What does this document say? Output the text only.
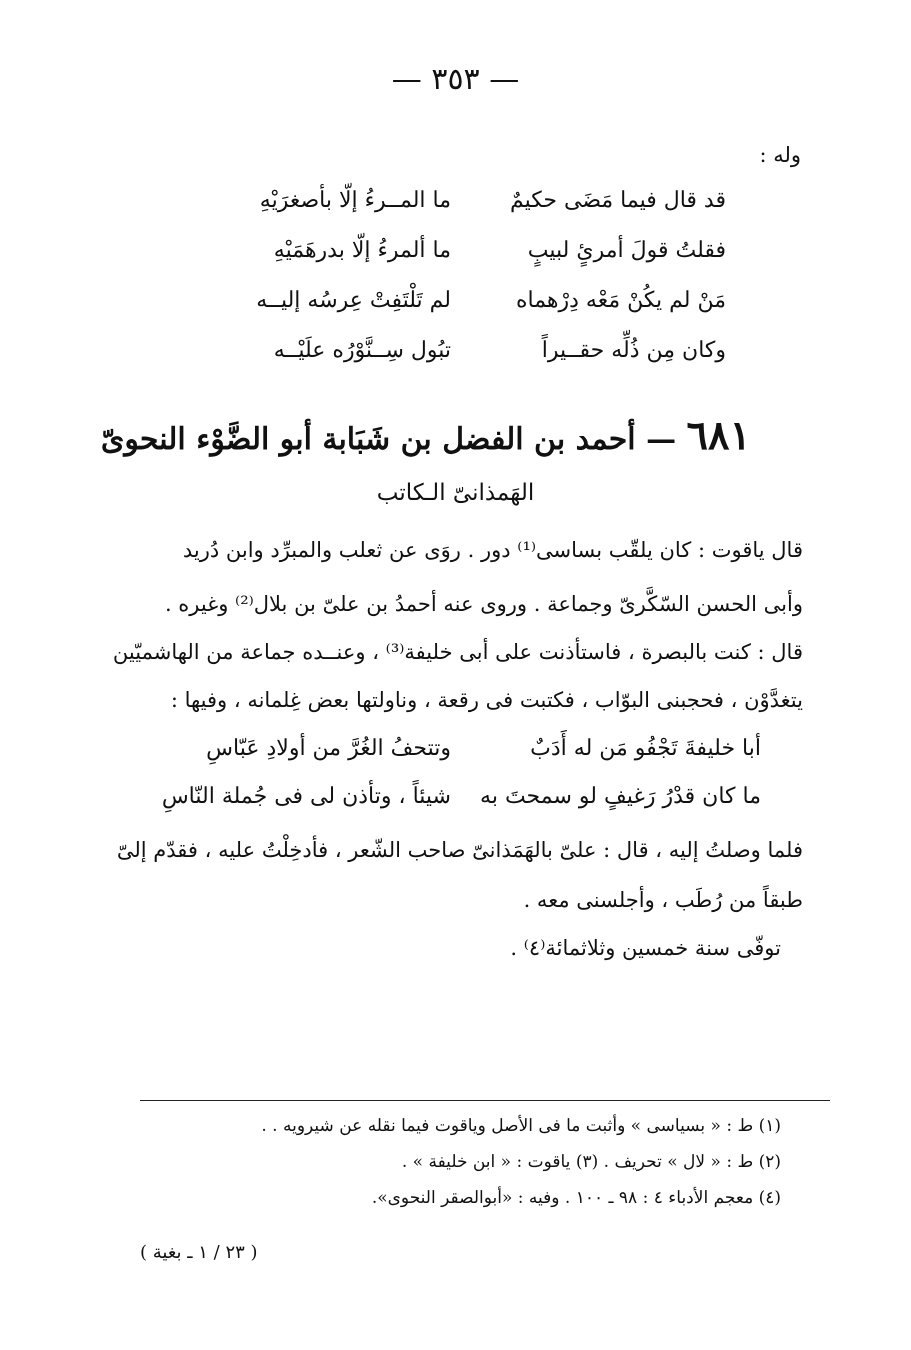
— ٣٥٣ —
وله :
قد قال فيما مَضَى حكيمٌ
ما المــرءُ إلّا بأصغرَيْهِ
فقلتُ قولَ أمرئٍ لبيبٍ
ما ألمرءُ إلّا بدرهَمَيْهِ
مَنْ لم يكُنْ مَعْه دِرْهماه
لم تَلْتَفِتْ عِرسُه إليــه
وكان مِن ذُلِّه حقــيراً
تبُول سِــنَّوْرُه علَيْــه
٦٨١ — أحمد بن الفضل بن شَبَابة أبو الضَّوْء النحوىّ
الهَمذانىّ الـكاتب
قال ياقوت : كان يلقّب بساسى⁽¹⁾ دور . روَى عن ثعلب والمبرِّد وابن دُريد
وأبى الحسن السّكَّرىّ وجماعة . وروى عنه أحمدُ بن علىّ بن بلال⁽²⁾ وغيره .
قال : كنت بالبصرة ، فاستأذنت على أبى خليفة⁽³⁾ ، وعنــده جماعة من الهاشميّين
يتغدَّوْن ، فحجبنى البوّاب ، فكتبت فى رقعة ، وناولتها بعض غِلمانه ، وفيها :
أبا خليفةَ تَجْفُو مَن له أَدَبٌ
وتتحفُ الغُرَّ من أولادِ عَبّاسِ
ما كان قدْرُ رَغيفٍ لو سمحتَ به
شيئاً ، وتأذن لى فى جُملة النّاسِ
فلما وصلتُ إليه ، قال : علىّ بالهَمَذانىّ صاحب الشّعر ، فأدخِلْتُ عليه ، فقدّم إلىّ
طبقاً من رُطَب ، وأجلسنى معه .
توفّى سنة خمسين وثلاثمائة⁽٤⁾ .
(١) ط : « بسياسى » وأثبت ما فى الأصل وياقوت فيما نقله عن شيرويه . .
(٢) ط : « لال » تحريف . (٣) ياقوت : « ابن خليفة » .
(٤) معجم الأدباء ٤ : ٩٨ ـ ١٠٠ . وفيه : «أبوالصقر النحوى».
( ٢٣ / ١ ـ بغية )
